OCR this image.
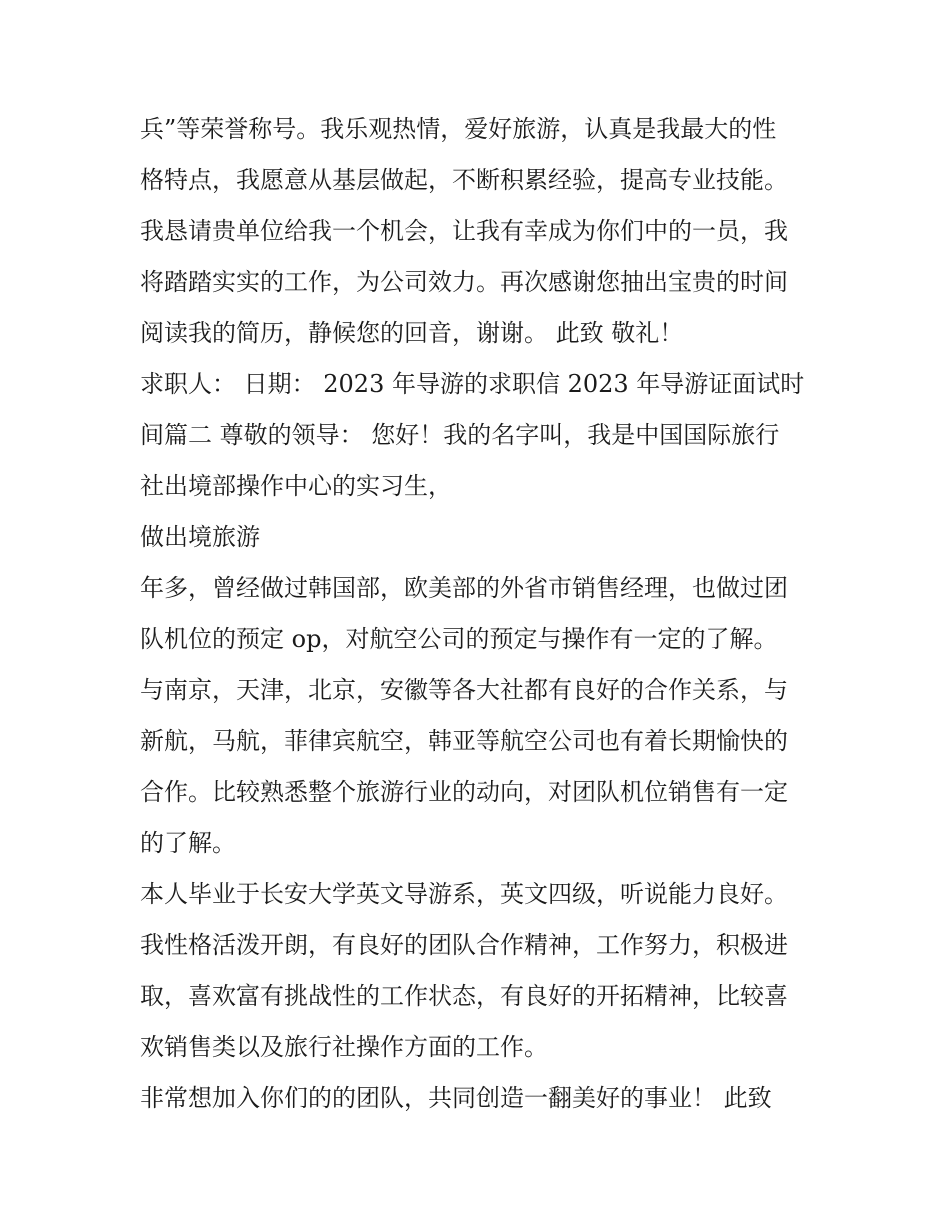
兵”等荣誉称号。我乐观热情，爱好旅游，认真是我最大的性
格特点，我愿意从基层做起，不断积累经验，提高专业技能。
我恳请贵单位给我一个机会，让我有幸成为你们中的一员，我
将踏踏实实的工作，为公司效力。再次感谢您抽出宝贵的时间
阅读我的简历，静候您的回音，谢谢。 此致 敬礼！
求职人： 日期： 2023 年导游的求职信 2023 年导游证面试时
间篇二 尊敬的领导： 您好！我的名字叫，我是中国国际旅行
社出境部操作中心的实习生，
做出境旅游
年多，曾经做过韩国部，欧美部的外省市销售经理，也做过团
队机位的预定 op，对航空公司的预定与操作有一定的了解。
与南京，天津，北京，安徽等各大社都有良好的合作关系，与
新航，马航，菲律宾航空，韩亚等航空公司也有着长期愉快的
合作。比较熟悉整个旅游行业的动向，对团队机位销售有一定
的了解。
本人毕业于长安大学英文导游系，英文四级，听说能力良好。
我性格活泼开朗，有良好的团队合作精神，工作努力，积极进
取，喜欢富有挑战性的工作状态，有良好的开拓精神，比较喜
欢销售类以及旅行社操作方面的工作。
非常想加入你们的的团队，共同创造一翻美好的事业！ 此致
